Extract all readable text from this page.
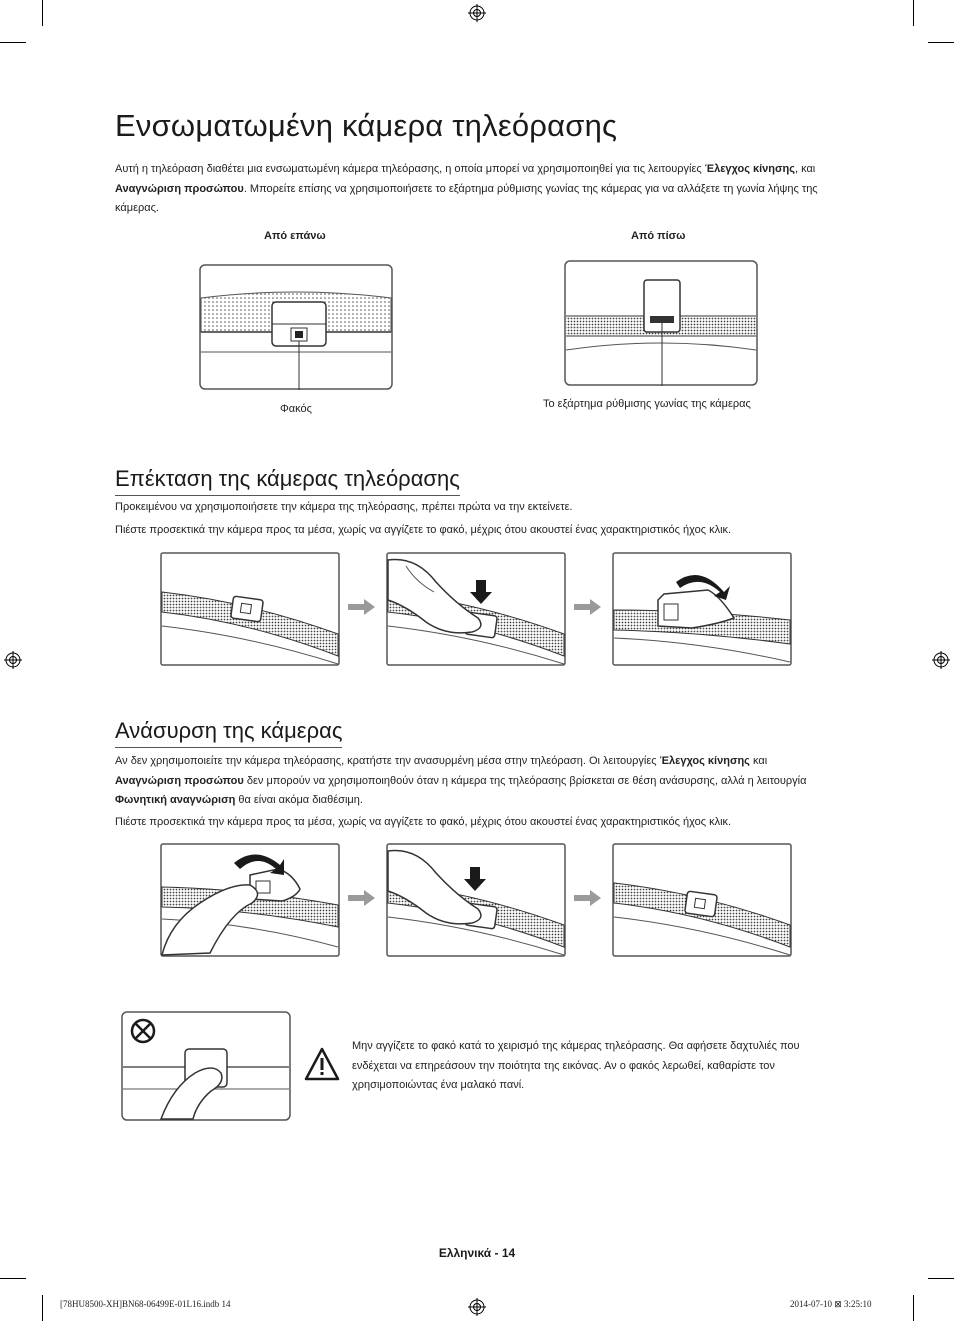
Ενσωματωμένη κάμερα τηλεόρασης

Αυτή η τηλεόραση διαθέτει μια ενσωματωμένη κάμερα τηλεόρασης, η οποία μπορεί να χρησιμοποιηθεί για τις λειτουργίες Έλεγχος κίνησης, και Αναγνώριση προσώπου. Μπορείτε επίσης να χρησιμοποιήσετε το εξάρτημα ρύθμισης γωνίας της κάμερας για να αλλάξετε τη γωνία λήψης της κάμερας.

Από επάνω	Από πίσω
Φακός	Το εξάρτημα ρύθμισης γωνίας της κάμερας
Επέκταση της κάμερας τηλεόρασης

Προκειμένου να χρησιμοποιήσετε την κάμερα της τηλεόρασης, πρέπει πρώτα να την εκτείνετε.

Πιέστε προσεκτικά την κάμερα προς τα μέσα, χωρίς να αγγίζετε το φακό, μέχρις ότου ακουστεί ένας χαρακτηριστικός ήχος κλικ.

Ανάσυρση της κάμερας

Αν δεν χρησιμοποιείτε την κάμερα τηλεόρασης, κρατήστε την ανασυρμένη μέσα στην τηλεόραση. Οι λειτουργίες Έλεγχος κίνησης και Αναγνώριση προσώπου δεν μπορούν να χρησιμοποιηθούν όταν η κάμερα της τηλεόρασης βρίσκεται σε θέση ανάσυρσης, αλλά η λειτουργία Φωνητική αναγνώριση θα είναι ακόμα διαθέσιμη.

Πιέστε προσεκτικά την κάμερα προς τα μέσα, χωρίς να αγγίζετε το φακό, μέχρις ότου ακουστεί ένας χαρακτηριστικός ήχος κλικ.

Μην αγγίζετε το φακό κατά το χειρισμό της κάμερας τηλεόρασης. Θα αφήσετε δαχτυλιές που ενδέχεται να επηρεάσουν την ποιότητα της εικόνας. Αν ο φακός λερωθεί, καθαρίστε τον χρησιμοποιώντας ένα μαλακό πανί.

Ελληνικά - 14
[78HU8500-XH]BN68-06499E-01L16.indb 14	2014-07-10 ⊠ 3:25:10
